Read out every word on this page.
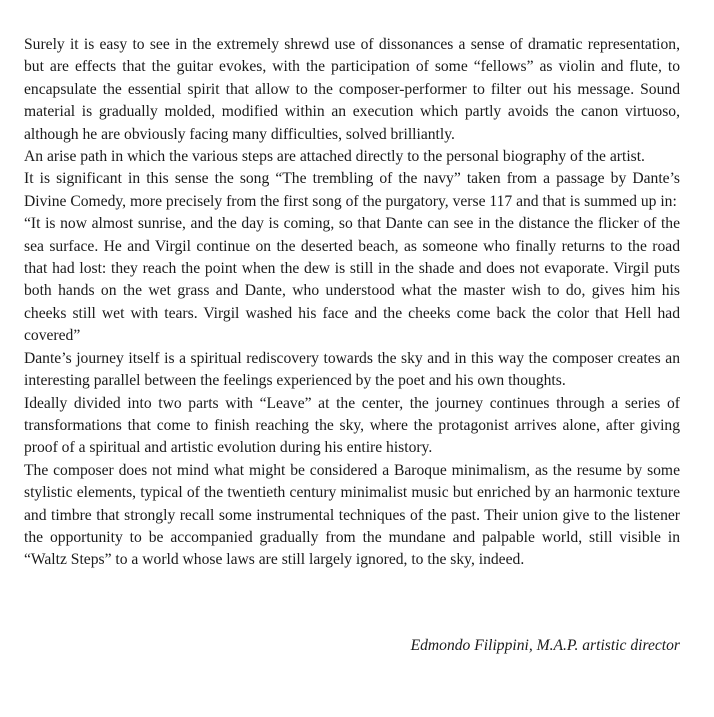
Surely it is easy to see in the extremely shrewd use of dissonances a sense of dramatic representation, but are effects that the guitar evokes, with the participation of some “fellows” as violin and flute, to encapsulate the essential spirit that allow to the composer-performer to filter out his message. Sound material is gradually molded, modified within an execution which partly avoids the canon virtuoso, although he are obviously facing many difficulties, solved brilliantly.

An arise path in which the various steps are attached directly to the personal biography of the artist.

It is significant in this sense the song “The trembling of the navy” taken from a passage by Dante’s Divine Comedy, more precisely from the first song of the purgatory, verse 117 and that is summed up in:

“It is now almost sunrise, and the day is coming, so that Dante can see in the distance the flicker of the sea surface. He and Virgil continue on the deserted beach, as someone who finally returns to the road that had lost: they reach the point when the dew is still in the shade and does not evaporate. Virgil puts both hands on the wet grass and Dante, who understood what the master wish to do, gives him his cheeks still wet with tears. Virgil washed his face and the cheeks come back the color that Hell had covered”

Dante’s journey itself is a spiritual rediscovery towards the sky and in this way the composer creates an interesting parallel between the feelings experienced by the poet and his own thoughts.

Ideally divided into two parts with “Leave” at the center, the journey continues through a series of transformations that come to finish reaching the sky, where the protagonist arrives alone, after giving proof of a spiritual and artistic evolution during his entire history.

The composer does not mind what might be considered a Baroque minimalism, as the resume by some stylistic elements, typical of the twentieth century minimalist music but enriched by an harmonic texture and timbre that strongly recall some instrumental techniques of the past. Their union give to the listener the opportunity to be accompanied gradually from the mundane and palpable world, still visible in “Waltz Steps” to a world whose laws are still largely ignored, to the sky, indeed.

Edmondo Filippini, M.A.P. artistic director
